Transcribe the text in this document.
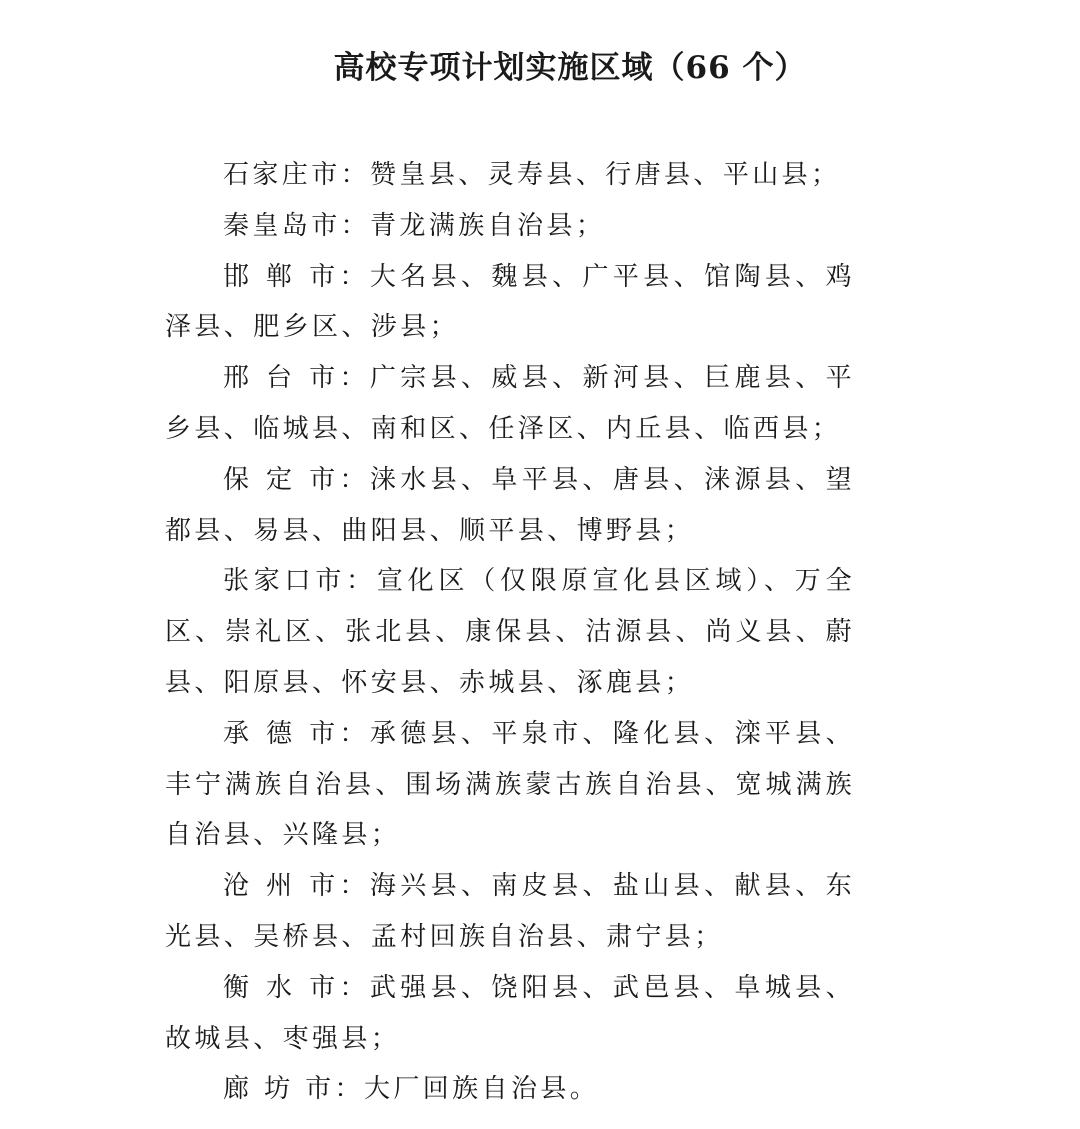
高校专项计划实施区域（66 个）

石家庄市：赞皇县、灵寿县、行唐县、平山县；

秦皇岛市：青龙满族自治县；

邯 郸 市：大名县、魏县、广平县、馆陶县、鸡泽县、肥乡区、涉县；

邢 台 市：广宗县、威县、新河县、巨鹿县、平乡县、临城县、南和区、任泽区、内丘县、临西县；

保 定 市：涞水县、阜平县、唐县、涞源县、望都县、易县、曲阳县、顺平县、博野县；

张家口市：宣化区（仅限原宣化县区域）、万全区、崇礼区、张北县、康保县、沽源县、尚义县、蔚县、阳原县、怀安县、赤城县、涿鹿县；

承 德 市：承德县、平泉市、隆化县、滦平县、丰宁满族自治县、围场满族蒙古族自治县、宽城满族自治县、兴隆县；

沧 州 市：海兴县、南皮县、盐山县、献县、东光县、吴桥县、孟村回族自治县、肃宁县；

衡 水 市：武强县、饶阳县、武邑县、阜城县、故城县、枣强县；

廊 坊 市：大厂回族自治县。
